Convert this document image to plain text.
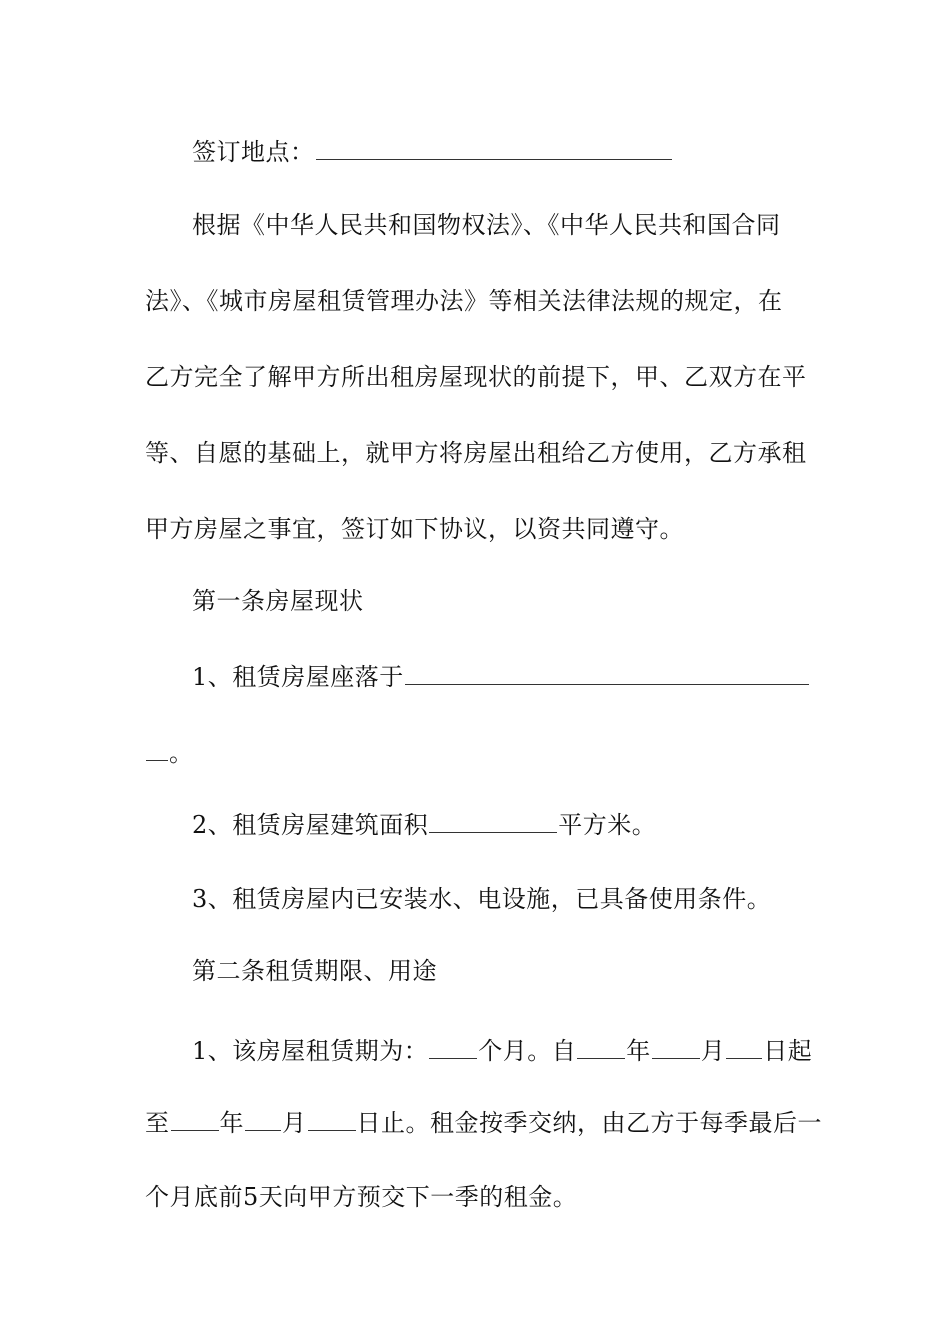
签订地点：
根据《中华人民共和国物权法》、《中华人民共和国合同
法》、《城市房屋租赁管理办法》等相关法律法规的规定，在
乙方完全了解甲方所出租房屋现状的前提下，甲、乙双方在平
等、自愿的基础上，就甲方将房屋出租给乙方使用，乙方承租
甲方房屋之事宜，签订如下协议，以资共同遵守。
第一条房屋现状
1、租赁房屋座落于
。
2、租赁房屋建筑面积	平方米。
3、租赁房屋内已安装水、电设施，已具备使用条件。
第二条租赁期限、用途
1、该房屋租赁期为： 个月。自 年 月 日起
至 年 月 日止。租金按季交纳，由乙方于每季最后一
个月底前5天向甲方预交下一季的租金。
